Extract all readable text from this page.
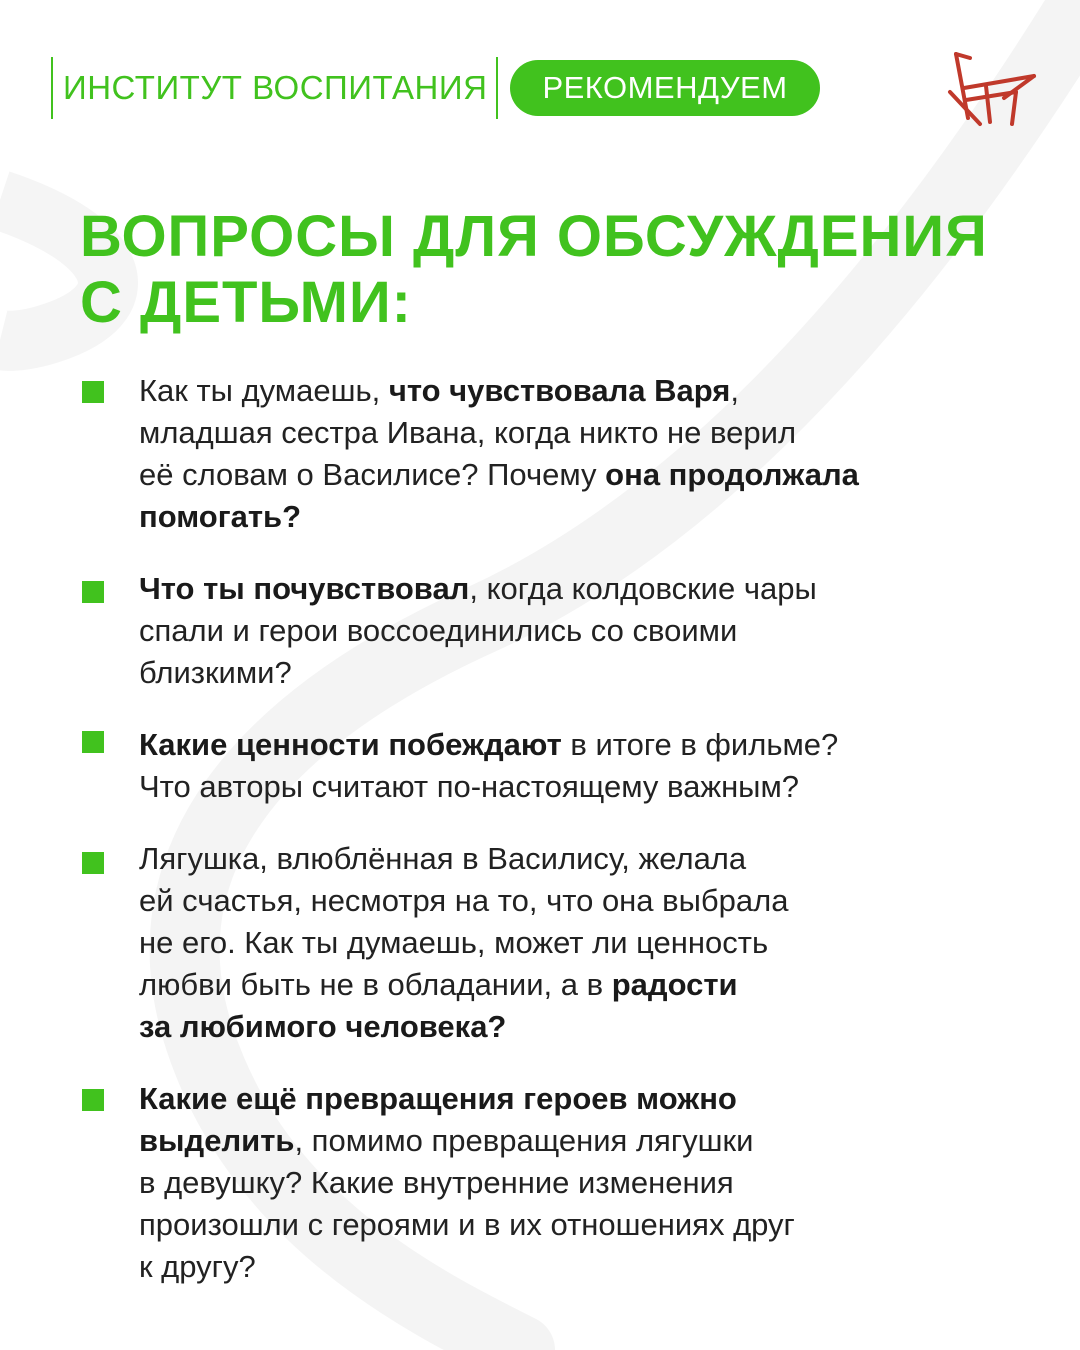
ИНСТИТУТ ВОСПИТАНИЯ	РЕКОМЕНДУЕМ
ВОПРОСЫ ДЛЯ ОБСУЖДЕНИЯ
С ДЕТЬМИ:
Как ты думаешь, что чувствовала Варя,
младшая сестра Ивана, когда никто не верил
её словам о Василисе? Почему она продолжала
помогать?
Что ты почувствовал, когда колдовские чары
спали и герои воссоединились со своими
близкими?
Какие ценности побеждают в итоге в фильме?
Что авторы считают по-настоящему важным?
Лягушка, влюблённая в Василису, желала
ей счастья, несмотря на то, что она выбрала
не его. Как ты думаешь, может ли ценность
любви быть не в обладании, а в радости
за любимого человека?
Какие ещё превращения героев можно
выделить, помимо превращения лягушки
в девушку? Какие внутренние изменения
произошли с героями и в их отношениях друг
к другу?
